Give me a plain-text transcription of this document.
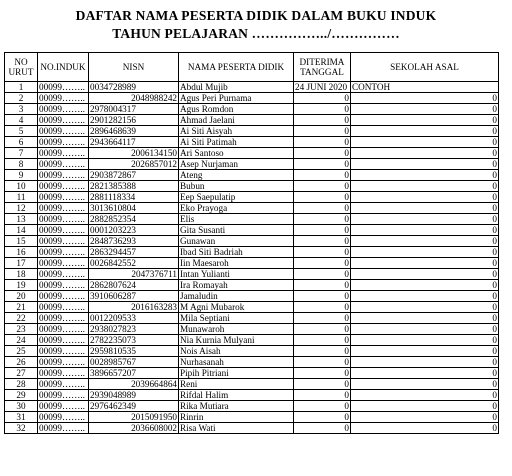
DAFTAR NAMA PESERTA DIDIK DALAM BUKU INDUK
TAHUN PELAJARAN ……………../……………
NO URUT	NO.INDUK	NISN	NAMA PESERTA DIDIK	DITERIMA TANGGAL	SEKOLAH ASAL
1	00099……..	0034728989	Abdul Mujib	24 JUNI 2020	CONTOH
2	00099……..	2048988242	Agus Peri Purnama	0	0
3	00099……..	2978004317	Agus Romdon	0	0
4	00099……..	2901282156	Ahmad Jaelani	0	0
5	00099……..	2896468639	Ai Siti Aisyah	0	0
6	00099……..	2943664117	Ai Siti Patimah	0	0
7	00099……..	2006134150	Ari Santoso	0	0
8	00099……..	2026857012	Asep Nurjaman	0	0
9	00099……..	2903872867	Ateng	0	0
10	00099……..	2821385388	Bubun	0	0
11	00099……..	2881118334	Eep Saepulatip	0	0
12	00099……..	3013610804	Eko Prayoga	0	0
13	00099……..	2882852354	Elis	0	0
14	00099……..	0001203223	Gita Susanti	0	0
15	00099……..	2848736293	Gunawan	0	0
16	00099……..	2863294457	Ibad Siti Badriah	0	0
17	00099……..	0026842552	Iin Maesaroh	0	0
18	00099……..	2047376711	Intan Yulianti	0	0
19	00099……..	2862807624	Ira Romayah	0	0
20	00099……..	3910606287	Jamaludin	0	0
21	00099……..	2016163283	M Agni Mubarok	0	0
22	00099……..	0012209533	Mila Septiani	0	0
23	00099……..	2938027823	Munawaroh	0	0
24	00099……..	2782235073	Nia Kurnia Mulyani	0	0
25	00099……..	2959810535	Nois Aisah	0	0
26	00099……..	0028985767	Nurhasanah	0	0
27	00099……..	3896657207	Pipih Pitriani	0	0
28	00099……..	2039664864	Reni	0	0
29	00099……..	2939048989	Rifdal Halim	0	0
30	00099……..	2976462349	Rika Mutiara	0	0
31	00099……..	2015091950	Rinrin	0	0
32	00099……..	2036608002	Risa Wati	0	0
